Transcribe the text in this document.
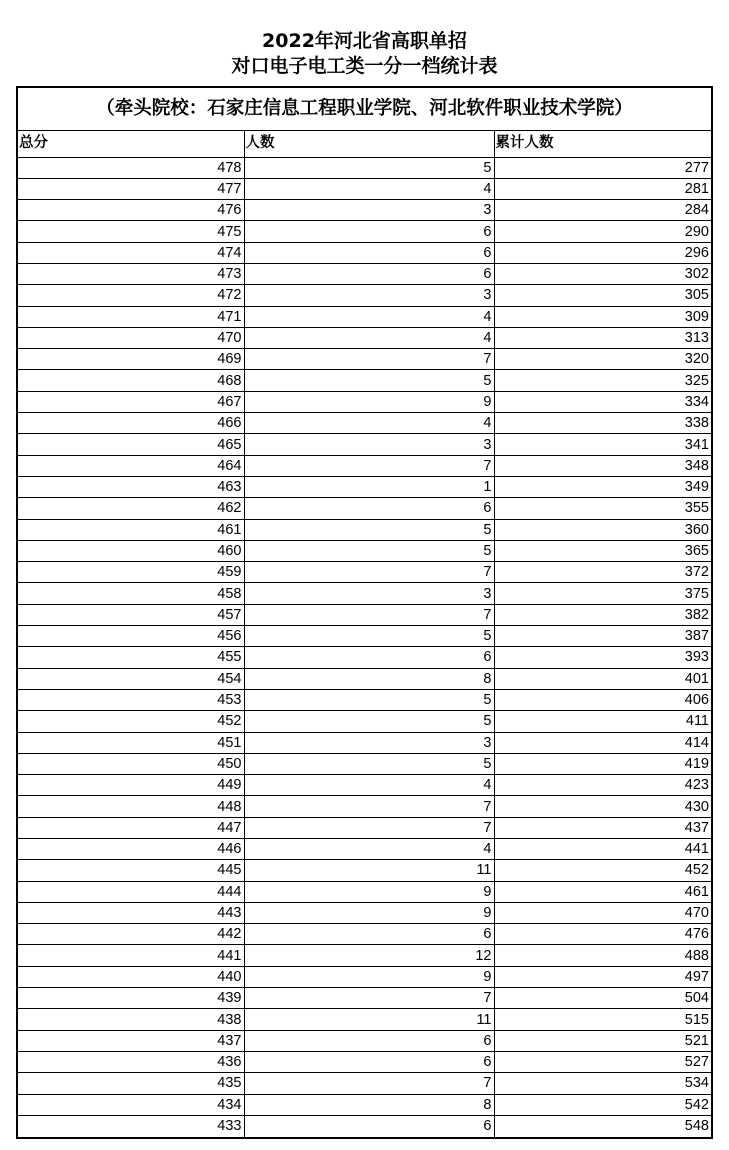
2022年河北省高职单招
对口电子电工类一分一档统计表
（牵头院校：石家庄信息工程职业学院、河北软件职业技术学院）
总分	人数	累计人数
478	5	277
477	4	281
476	3	284
475	6	290
474	6	296
473	6	302
472	3	305
471	4	309
470	4	313
469	7	320
468	5	325
467	9	334
466	4	338
465	3	341
464	7	348
463	1	349
462	6	355
461	5	360
460	5	365
459	7	372
458	3	375
457	7	382
456	5	387
455	6	393
454	8	401
453	5	406
452	5	411
451	3	414
450	5	419
449	4	423
448	7	430
447	7	437
446	4	441
445	11	452
444	9	461
443	9	470
442	6	476
441	12	488
440	9	497
439	7	504
438	11	515
437	6	521
436	6	527
435	7	534
434	8	542
433	6	548
